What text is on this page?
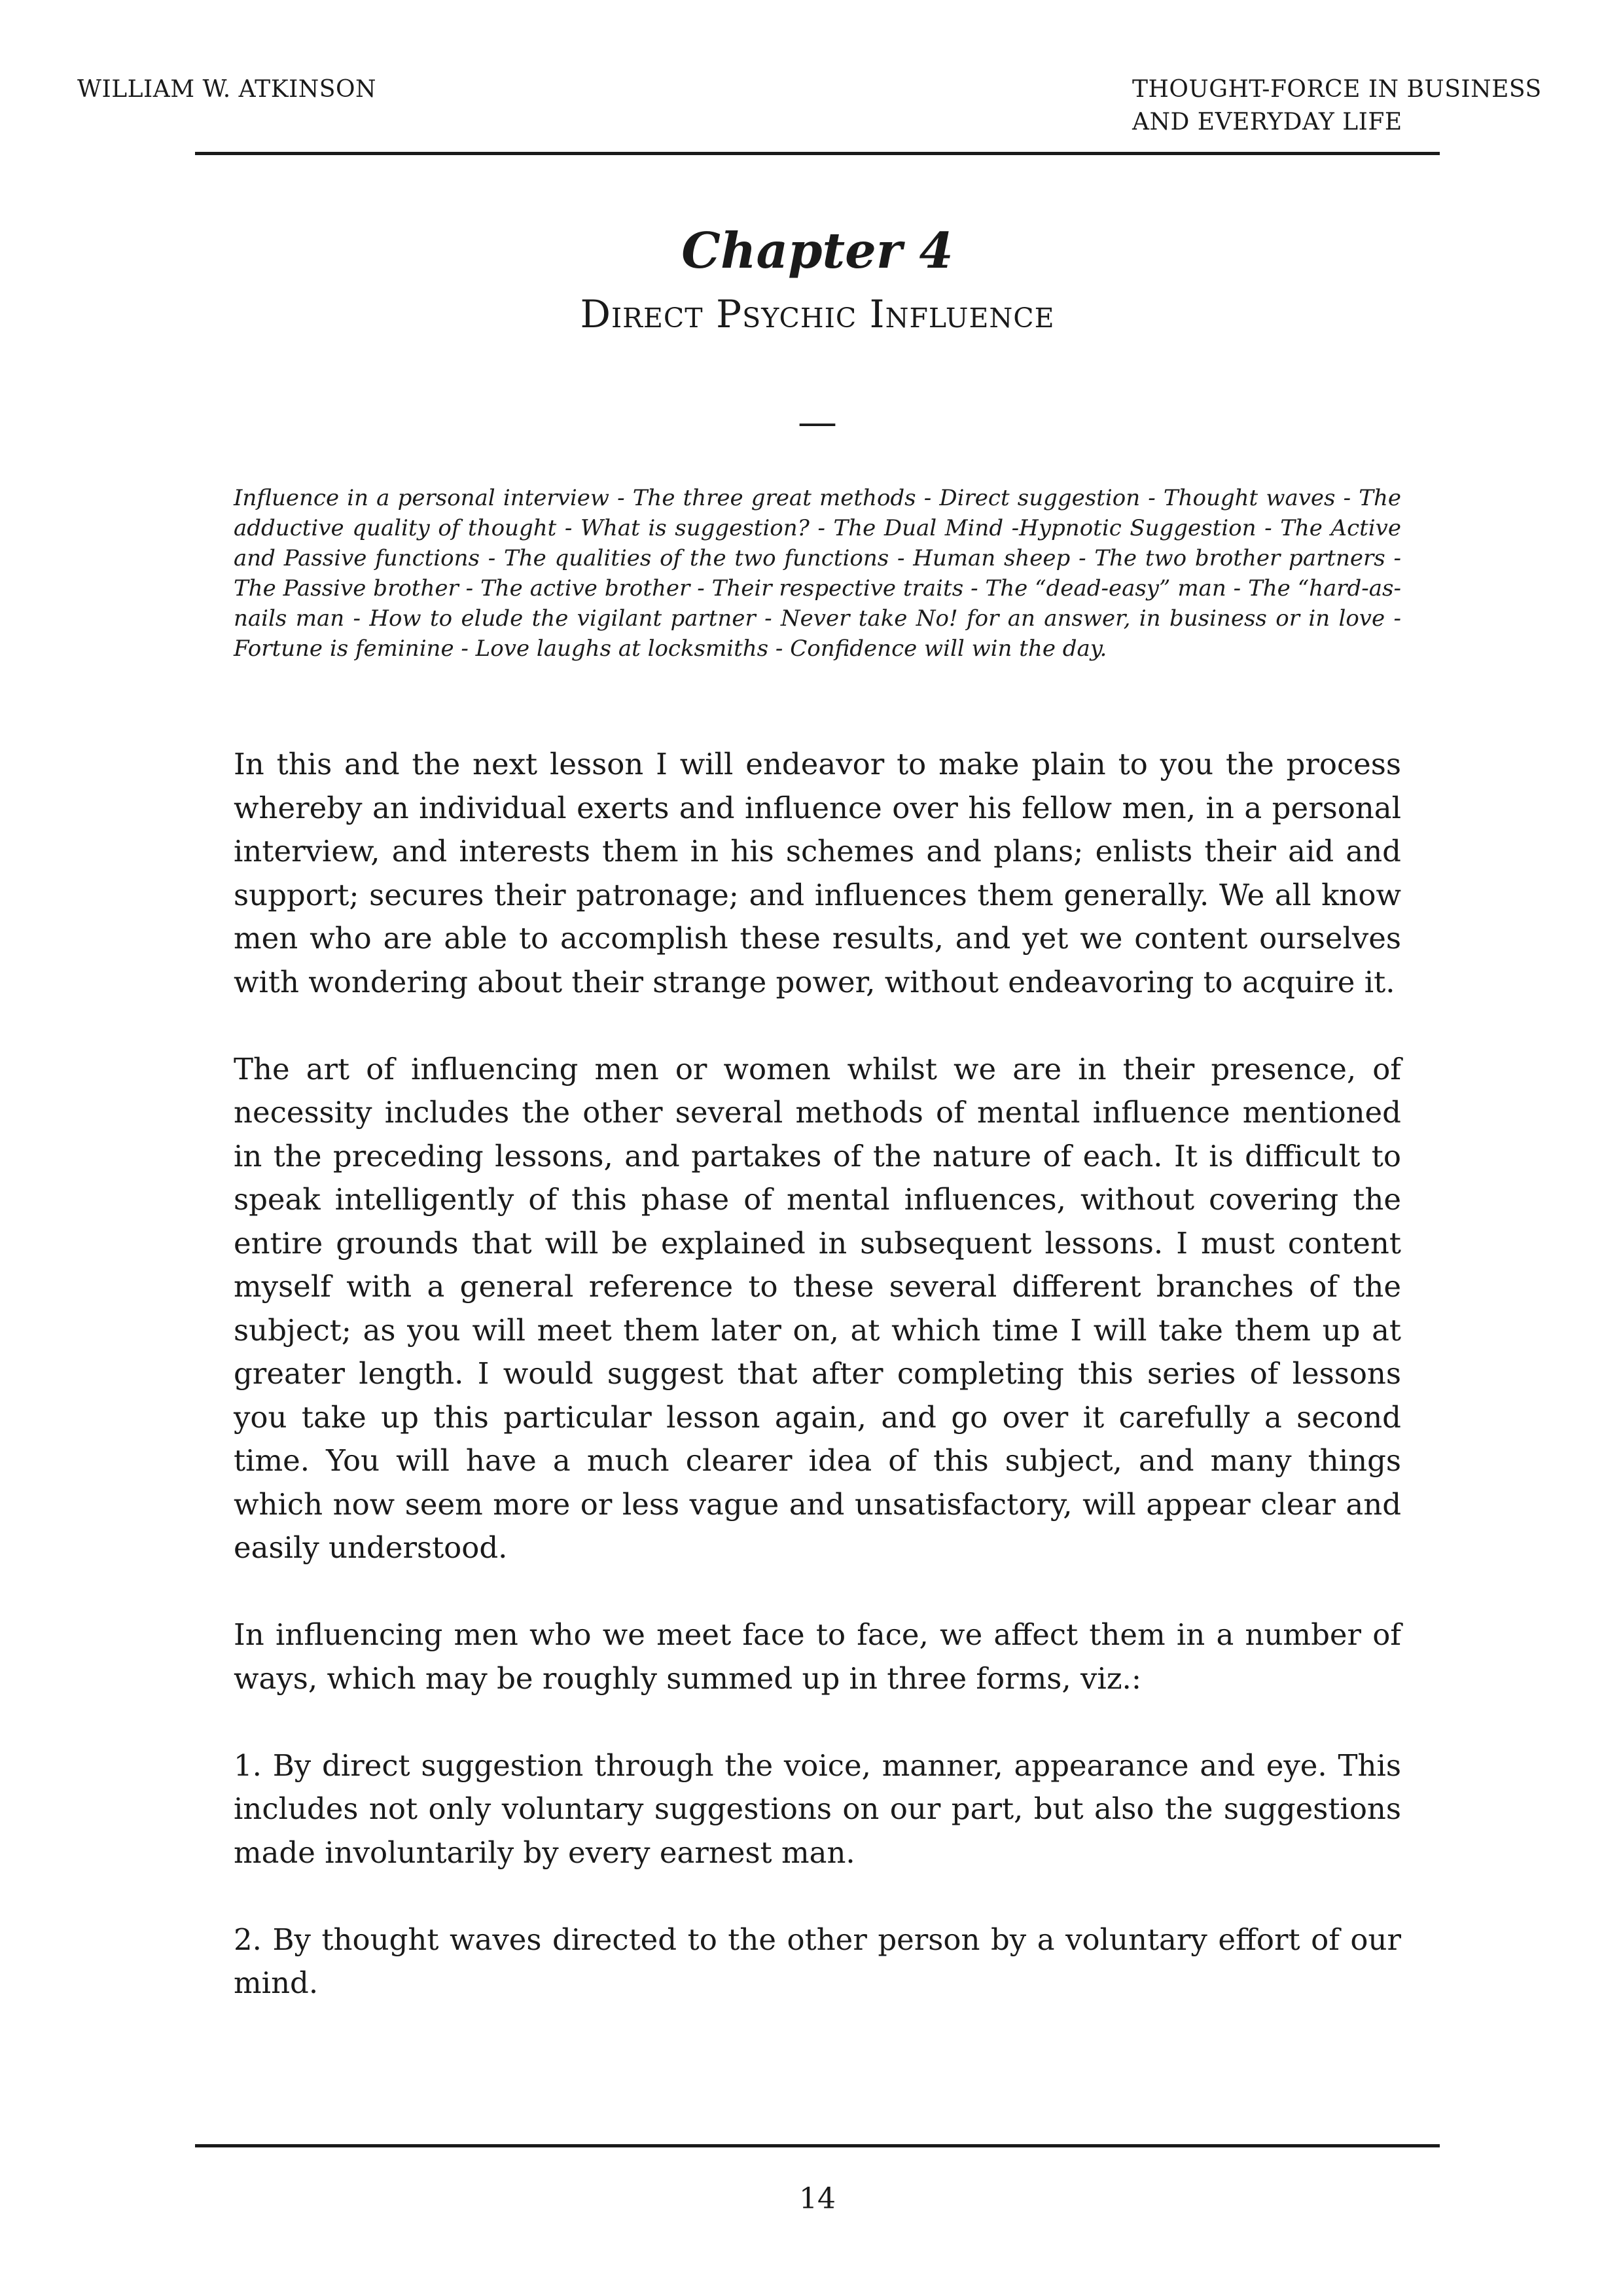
WILLIAM W. ATKINSON	THOUGHT-FORCE IN BUSINESS
AND EVERYDAY LIFE
Chapter 4
Direct Psychic Influence
—
Influence in a personal interview - The three great methods - Direct suggestion - Thought waves - The adductive quality of thought - What is suggestion? - The Dual Mind -Hypnotic Suggestion - The Active and Passive functions - The qualities of the two functions - Human sheep - The two brother partners - The Passive brother - The active brother - Their respective traits - The “dead-easy” man - The “hard-as-nails man - How to elude the vigilant partner - Never take No! for an answer, in business or in love - Fortune is feminine - Love laughs at locksmiths - Confidence will win the day.

In this and the next lesson I will endeavor to make plain to you the process whereby an individual exerts and influence over his fellow men, in a personal interview, and interests them in his schemes and plans; enlists their aid and support; secures their patronage; and influences them generally. We all know men who are able to accomplish these results, and yet we content ourselves with wondering about their strange power, without endeavoring to acquire it.

The art of influencing men or women whilst we are in their presence, of necessity includes the other several methods of mental influence mentioned in the preceding lessons, and partakes of the nature of each. It is difficult to speak intelligently of this phase of mental influences, without covering the entire grounds that will be explained in subsequent lessons. I must content myself with a general reference to these several different branches of the subject; as you will meet them later on, at which time I will take them up at greater length. I would suggest that after completing this series of lessons you take up this particular lesson again, and go over it carefully a second time. You will have a much clearer idea of this subject, and many things which now seem more or less vague and unsatisfactory, will appear clear and easily understood.

In influencing men who we meet face to face, we affect them in a number of ways, which may be roughly summed up in three forms, viz.:

1. By direct suggestion through the voice, manner, appearance and eye. This includes not only voluntary suggestions on our part, but also the suggestions made involuntarily by every earnest man.

2. By thought waves directed to the other person by a voluntary effort of our mind.

14
